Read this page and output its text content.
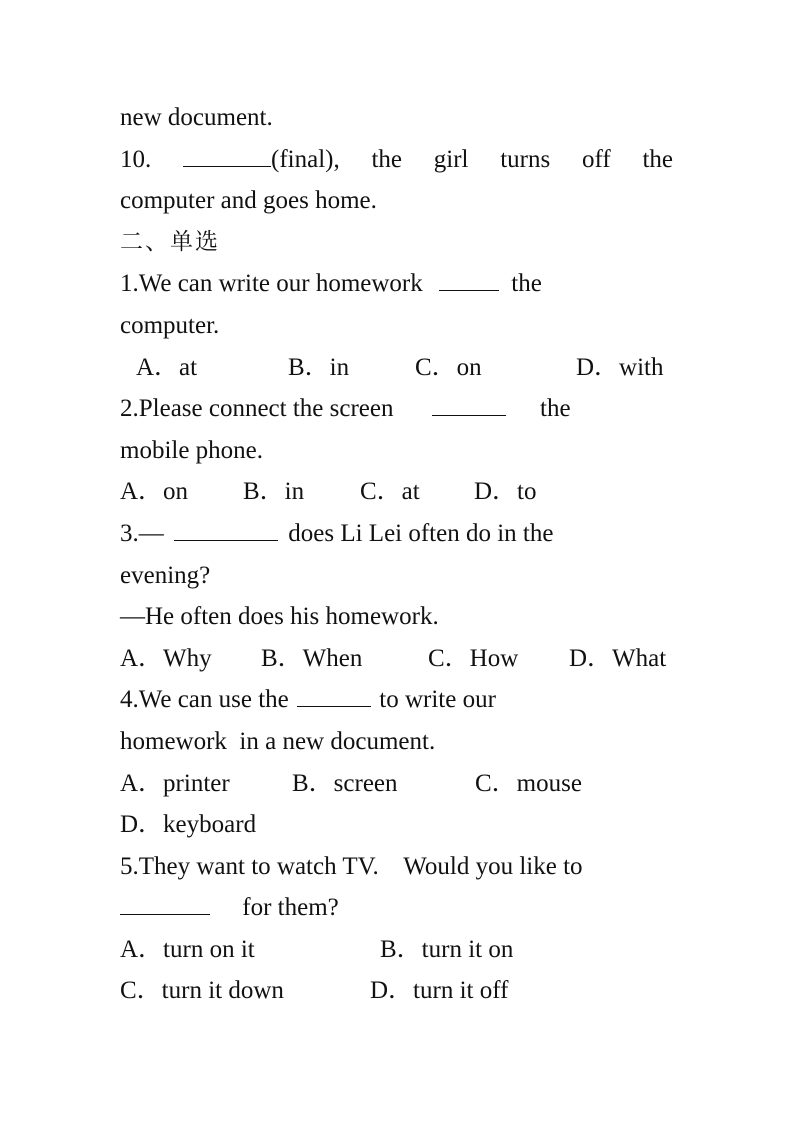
new document.
10.	(final), the girl turns off the
computer and goes home.
二、单选
1.We can write our homework	the
computer.
A．at	B．in	C．on	D．with
2.Please connect the screen	the
mobile phone.
A．on B．in C．at D．to
3.—	does Li Lei often do in the
evening?
—He often does his homework.
A．Why B．When	C．How D．What
4.We can use the	to write our
homework  in a new document.
A．printer B．screen	C．mouse
D．keyboard
5.They want to watch TV.    Would you like to
for them?
A．turn on it	B．turn it on
C．turn it down	D．turn it off
